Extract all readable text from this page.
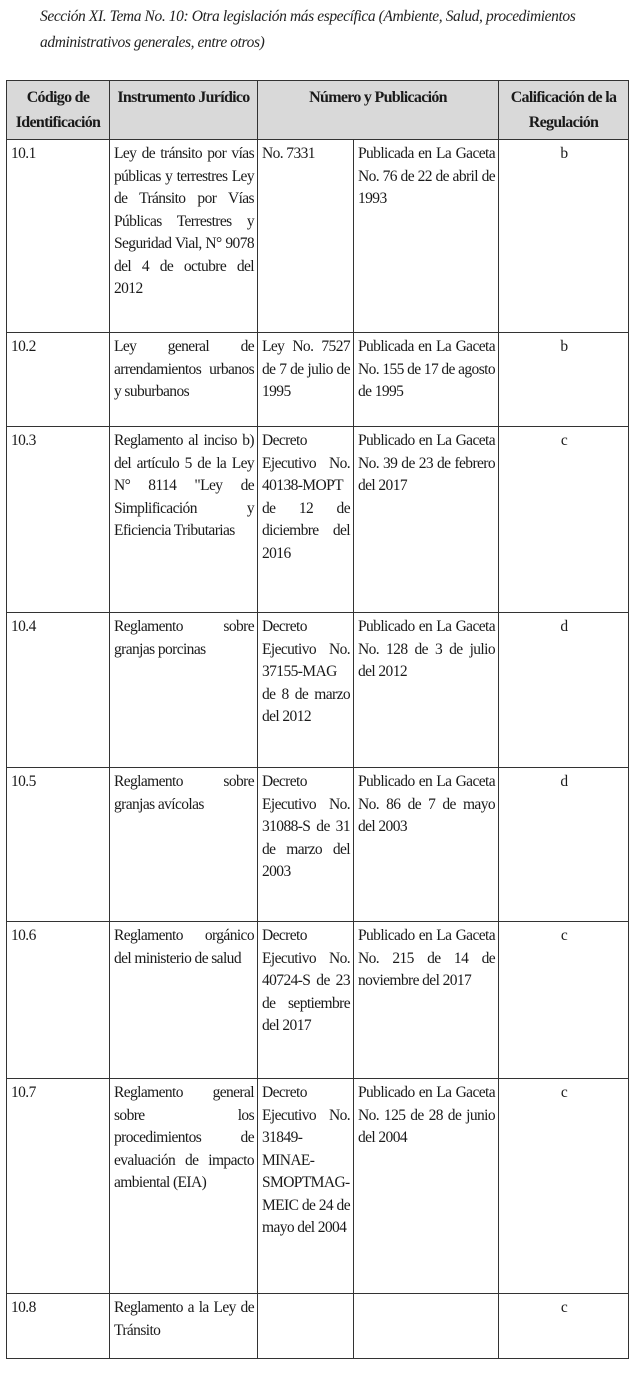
Sección XI. Tema No. 10: Otra legislación más específica (Ambiente, Salud, procedimientos administrativos generales, entre otros)
Código de Identificación	Instrumento Jurídico	Número y Publicación		Calificación de la Regulación
10.1	Ley de tránsito por vías públicas y terrestres Ley de Tránsito por Vías Públicas Terrestres y Seguridad Vial, N° 9078 del 4 de octubre del 2012	No. 7331	Publicada en La Gaceta No. 76 de 22 de abril de 1993	b
10.2	Ley general de arrendamientos urbanos y suburbanos	Ley No. 7527 de 7 de julio de 1995	Publicada en La Gaceta No. 155 de 17 de agosto de 1995	b
10.3	Reglamento al inciso b) del artículo 5 de la Ley N° 8114 "Ley de Simplificación y Eficiencia Tributarias	Decreto Ejecutivo No. 40138-MOPT de 12 de diciembre del 2016	Publicado en La Gaceta No. 39 de 23 de febrero del 2017	c
10.4	Reglamento sobre granjas porcinas	Decreto Ejecutivo No. 37155-MAG de 8 de marzo del 2012	Publicado en La Gaceta No. 128 de 3 de julio del 2012	d
10.5	Reglamento sobre granjas avícolas	Decreto Ejecutivo No. 31088-S de 31 de marzo del 2003	Publicado en La Gaceta No. 86 de 7 de mayo del 2003	d
10.6	Reglamento orgánico del ministerio de salud	Decreto Ejecutivo No. 40724-S de 23 de septiembre del 2017	Publicado en La Gaceta No. 215 de 14 de noviembre del 2017	c
10.7	Reglamento general sobre los procedimientos de evaluación de impacto ambiental (EIA)	Decreto Ejecutivo No. 31849-MINAE-SMOPTMAG-MEIC de 24 de mayo del 2004	Publicado en La Gaceta No. 125 de 28 de junio del 2004	c
10.8	Reglamento a la Ley de Tránsito			c
